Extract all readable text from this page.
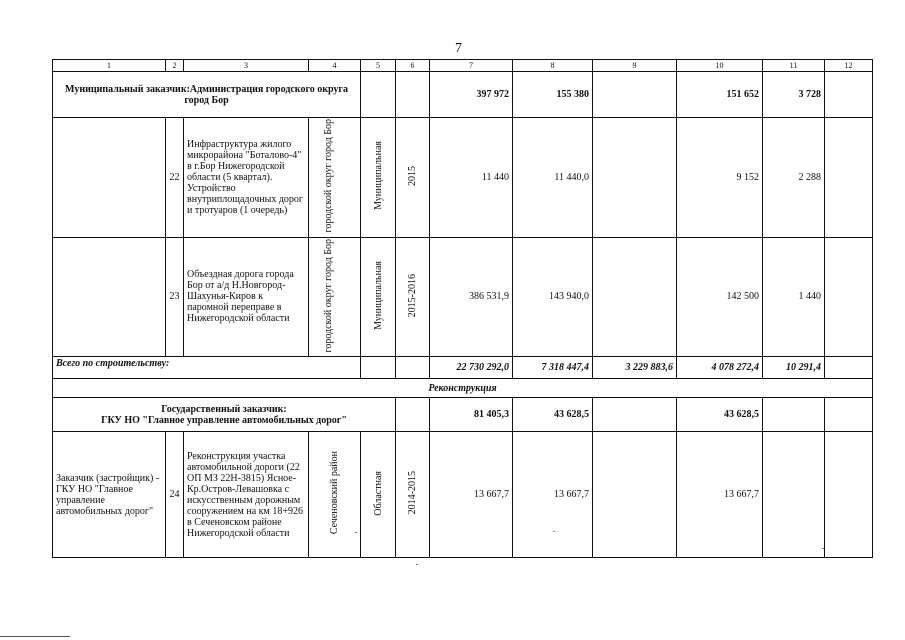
7
1	2	3	4	5	6	7	8	9	10	11	12
Муниципальный заказчик:Администрация городского округа город Бор						397 972	155 380		151 652	3 728	
	22	Инфраструктура жилого микрорайона "Боталово-4" в г.Бор Нижегородской области (5 квартал). Устройство внутриплощадочных дорог и тротуаров (1 очередь)	городской округ город Бор	Муниципальная	2015	11 440	11 440,0		9 152	2 288	
	23	Объездная дорога города Бор от а/д Н.Новгород-Шахунья-Киров к паромной переправе в Нижегородской области	городской округ город Бор	Муниципальная	2015-2016	386 531,9	143 940,0		142 500	1 440	
Всего по строительству:						22 730 292,0	7 318 447,4	3 229 883,6	4 078 272,4	10 291,4	
Реконструкция											

Государственный заказчик:
ГКУ НО "Главное управление автомобильных дорог"						81 405,3	43 628,5		43 628,5		
Заказчик (застройщик) - ГКУ НО "Главное управление автомобильных дорог"	24	Реконструкция участка автомобильной дороги (22 ОП МЗ 22Н-3815) Ясное-Кр.Остров-Левашовка с искусственным дорожным сооружением на км 18+926 в Сеченовском районе Нижегородской области	Сеченовский район	Областная	2014-2015	13 667,7	13 667,7		13 667,7		
